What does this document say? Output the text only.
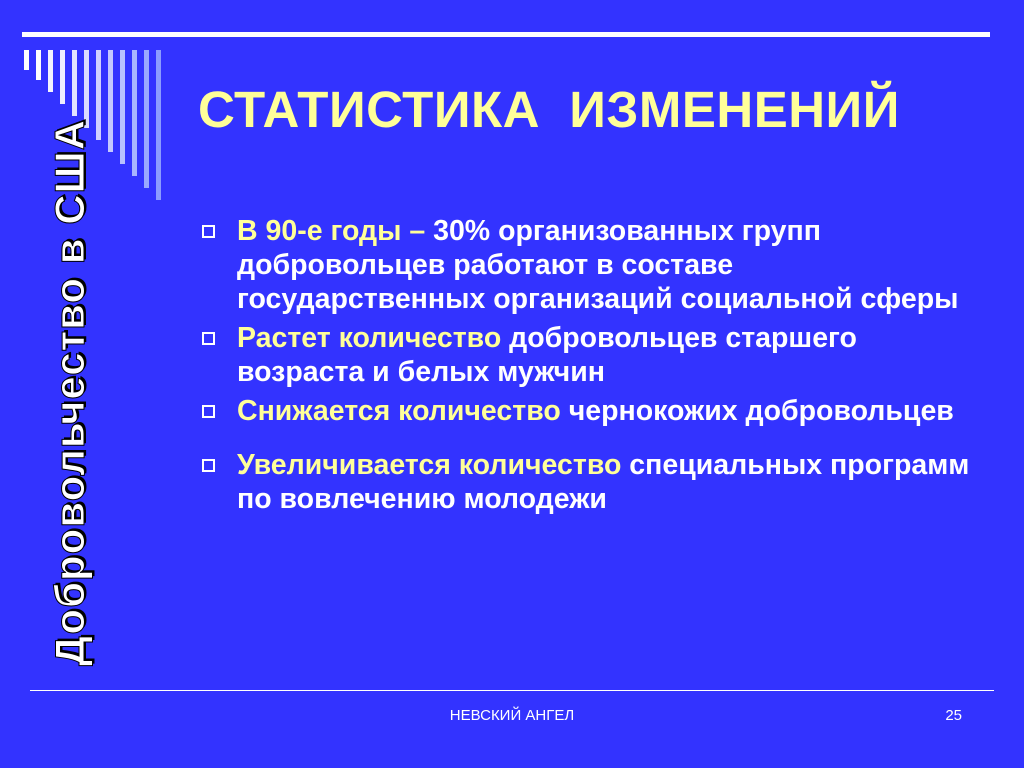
Добровольчество в США
СТАТИСТИКА  ИЗМЕНЕНИЙ
В 90-е годы – 30% организованных групп добровольцев работают в составе государственных организаций социальной сферы
Растет количество добровольцев старшего возраста и белых мужчин
Снижается количество чернокожих добровольцев
Увеличивается количество специальных программ по вовлечению молодежи
НЕВСКИЙ АНГЕЛ	25
